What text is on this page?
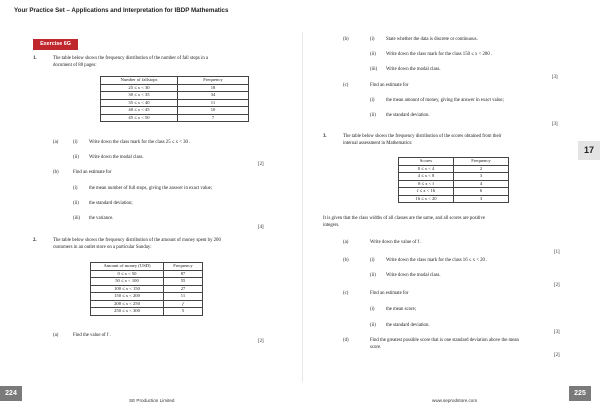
Your Practice Set – Applications and Interpretation for IBDP Mathematics
Exercise 6G
1.	The table below shows the frequency distribution of the number of fall stops in a
document of 80 pages:
Number of fallstops	Frequency
25 ≤ x < 30	18
30 ≤ x < 35	34
35 ≤ x < 40	11
40 ≤ x < 45	10
45 ≤ x < 50	7
(a)	(i) Write down the class mark for the class 25 ≤ x < 30 .
(ii) Write down the modal class.
[2]
(b)	Find an estimate for
(i) the mean number of full stops, giving the answer in exact value;
(ii) the standard deviation;
(iii) the variance.
[4]
2.	The table below shows the frequency distribution of the amount of money spent by 200
customers in an outlet store on a particular Sunday:
Amount of money (USD)	Frequency
0 ≤ x < 50	87
50 ≤ x < 100	55
100 ≤ x < 150	27
150 ≤ x < 200	11
200 ≤ x < 250	f
250 ≤ x < 300	5
(a)	Find the value of f .
[2]
(b)	(i) State whether the data is discrete or continuous.
(ii) Write down the class mark for the class 150 ≤ x < 200 .
(iii) Write down the modal class.
[3]
(c)	Find an estimate for
(i) the mean amount of money, giving the answer in exact value;
(ii) the standard deviation.
[3]
3.	The table below shows the frequency distribution of the scores obtained from their
internal assessment in Mathematics:
Scores	Frequency
0 ≤ x < 4	2
4 ≤ x < 8	3
8 ≤ x < f	4
f ≤ x < 16	6
16 ≤ x < 20	3
It is given that the class widths of all classes are the same, and all scores are positive
integers.
(a)	Write down the value of f .
[1]
(b)	(i) Write down the class mark for the class 16 ≤ x < 20 .
(ii) Write down the modal class.
[2]
(c)	Find an estimate for
(i) the mean score;
(ii) the standard deviation.
[3]
(d)	Find the greatest possible score that is one standard deviation above the mean
score.
[2]
17
224	225
SE Production Limited	www.seprodstore.com
